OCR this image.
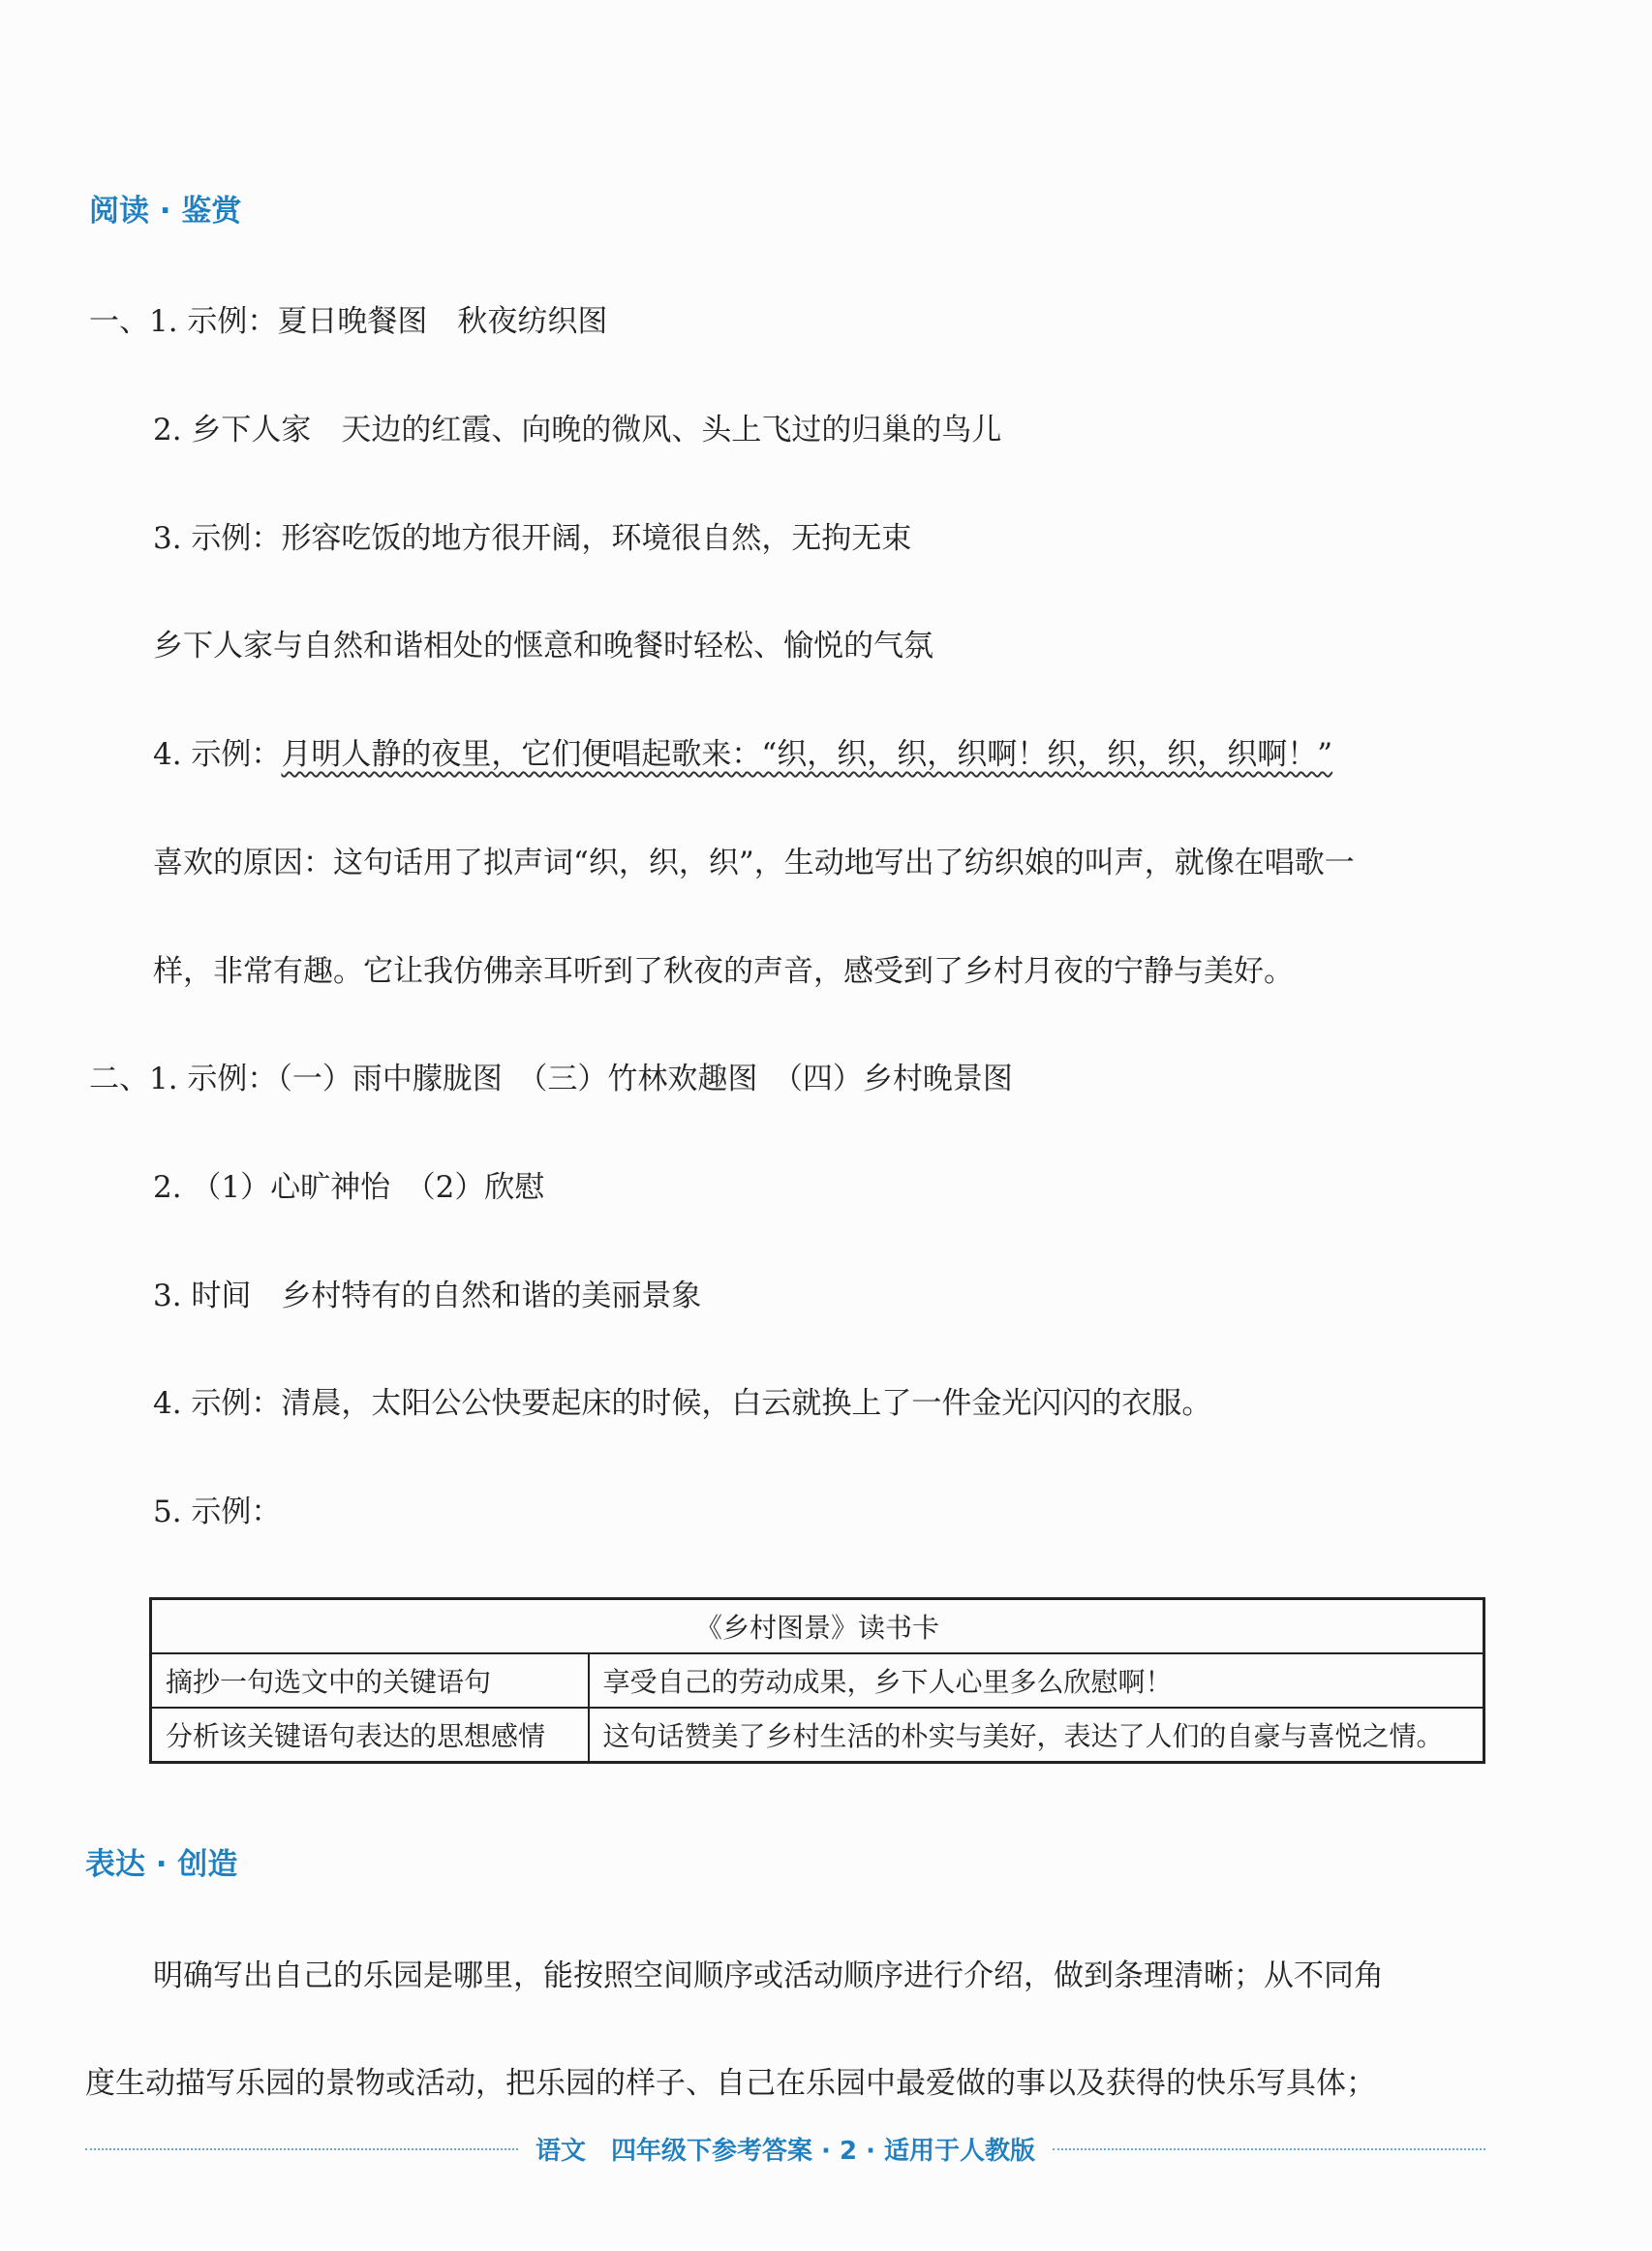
阅读 · 鉴赏
一、1. 示例：夏日晚餐图　秋夜纺织图
2. 乡下人家　天边的红霞、向晚的微风、头上飞过的归巢的鸟儿
3. 示例：形容吃饭的地方很开阔，环境很自然，无拘无束
乡下人家与自然和谐相处的惬意和晚餐时轻松、愉悦的气氛
4. 示例：月明人静的夜里，它们便唱起歌来：“织，织，织，织啊！织，织，织，织啊！”
喜欢的原因：这句话用了拟声词“织，织，织”，生动地写出了纺织娘的叫声，就像在唱歌一
样，非常有趣。它让我仿佛亲耳听到了秋夜的声音，感受到了乡村月夜的宁静与美好。
二、1. 示例：（一）雨中朦胧图　（三）竹林欢趣图　（四）乡村晚景图
2. （1）心旷神怡　（2）欣慰
3. 时间　乡村特有的自然和谐的美丽景象
4. 示例：清晨，太阳公公快要起床的时候，白云就换上了一件金光闪闪的衣服。
5. 示例：
《乡村图景》读书卡	
摘抄一句选文中的关键语句	享受自己的劳动成果，乡下人心里多么欣慰啊！
分析该关键语句表达的思想感情	这句话赞美了乡村生活的朴实与美好，表达了人们的自豪与喜悦之情。
表达 · 创造
明确写出自己的乐园是哪里，能按照空间顺序或活动顺序进行介绍，做到条理清晰；从不同角
度生动描写乐园的景物或活动，把乐园的样子、自己在乐园中最爱做的事以及获得的快乐写具体；
语文　四年级下参考答案 · 2 · 适用于人教版
